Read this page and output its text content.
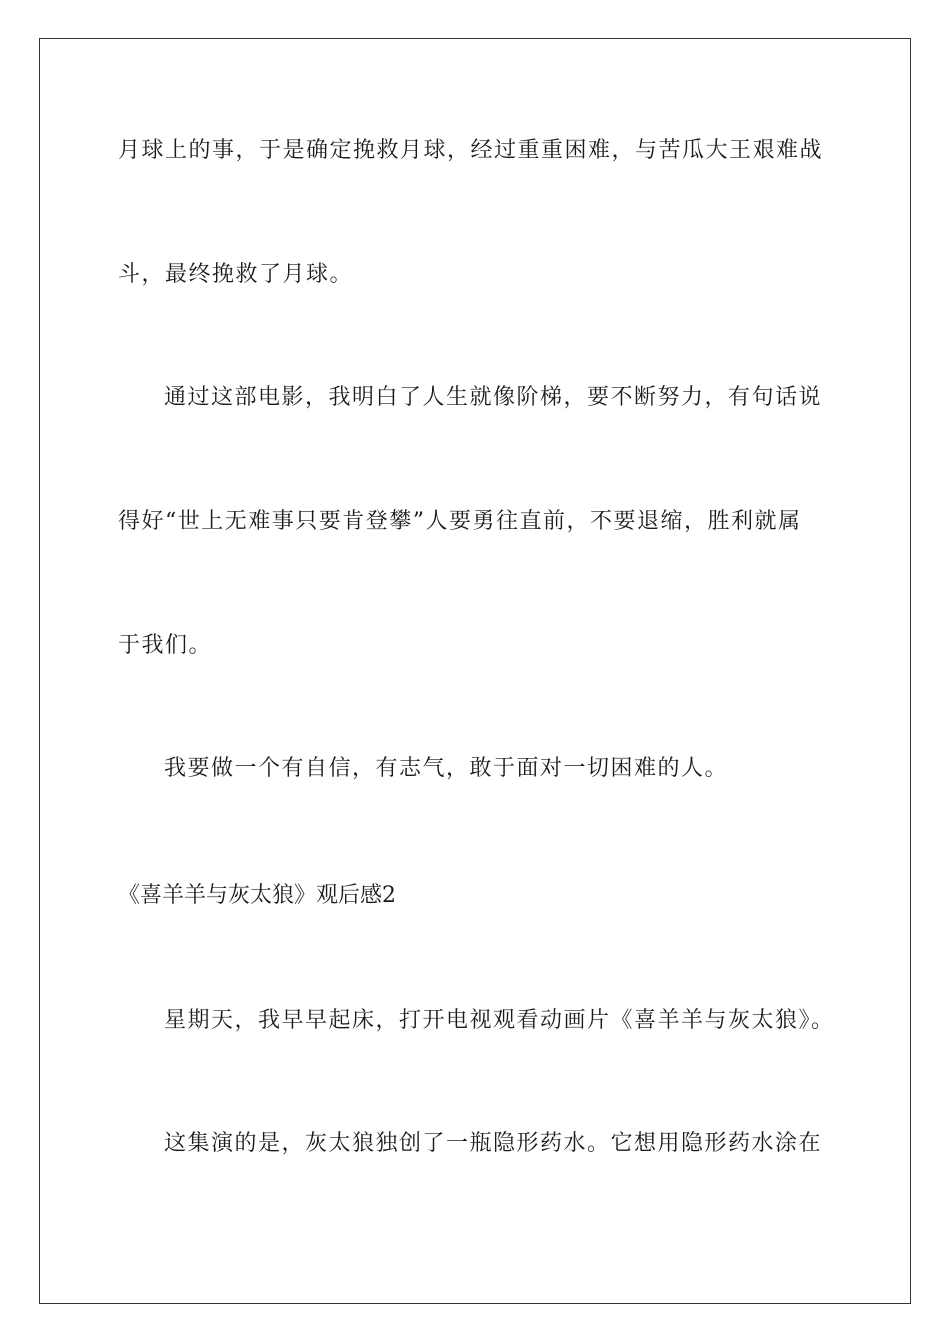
月球上的事，于是确定挽救月球，经过重重困难，与苦瓜大王艰难战
斗，最终挽救了月球。
通过这部电影，我明白了人生就像阶梯，要不断努力，有句话说
得好“世上无难事只要肯登攀”人要勇往直前，不要退缩，胜利就属
于我们。
我要做一个有自信，有志气，敢于面对一切困难的人。
《喜羊羊与灰太狼》观后感2
星期天，我早早起床，打开电视观看动画片《喜羊羊与灰太狼》。
这集演的是，灰太狼独创了一瓶隐形药水。它想用隐形药水涂在
